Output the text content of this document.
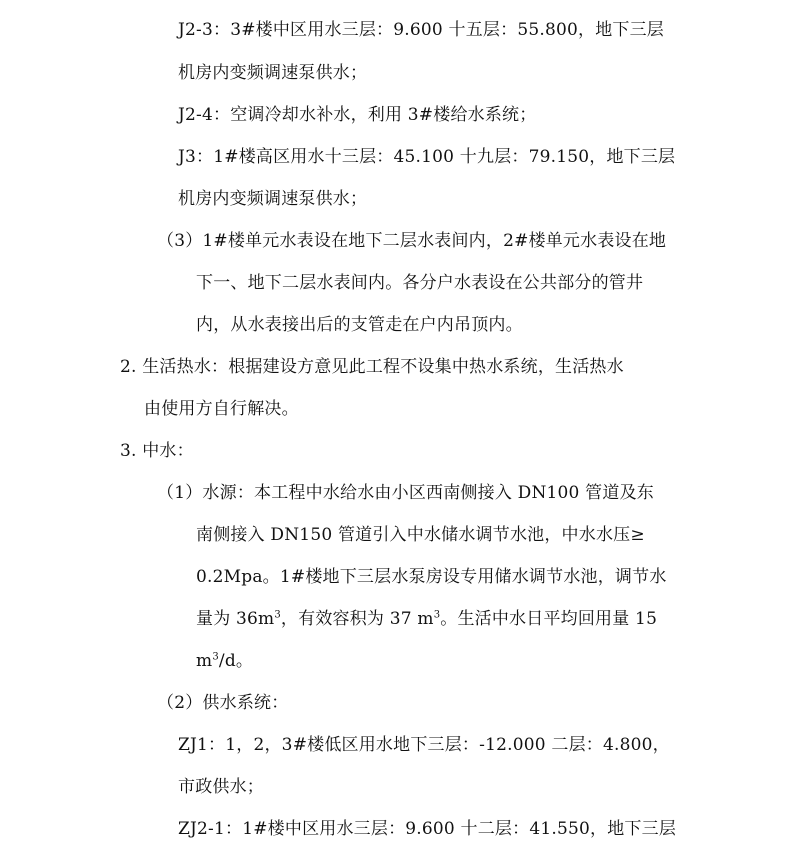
J2-3：3#楼中区用水三层：9.600 十五层：55.800，地下三层
机房内变频调速泵供水；
J2-4：空调冷却水补水，利用 3#楼给水系统；
J3：1#楼高区用水十三层：45.100 十九层：79.150，地下三层
机房内变频调速泵供水；
（3）1#楼单元水表设在地下二层水表间内，2#楼单元水表设在地
下一、地下二层水表间内。各分户水表设在公共部分的管井
内，从水表接出后的支管走在户内吊顶内。
2. 生活热水：根据建设方意见此工程不设集中热水系统，生活热水
由使用方自行解决。
3. 中水：
（1）水源：本工程中水给水由小区西南侧接入 DN100 管道及东
南侧接入 DN150 管道引入中水储水调节水池，中水水压≥
0.2Mpa。1#楼地下三层水泵房设专用储水调节水池，调节水
量为 $36m^3$，有效容积为 37 $m^3$。生活中水日平均回用量 15
$m^3/d$。
（2）供水系统：
ZJ1：1，2，3#楼低区用水地下三层：-12.000 二层：4.800，
市政供水；
ZJ2-1：1#楼中区用水三层：9.600 十二层：41.550，地下三层
